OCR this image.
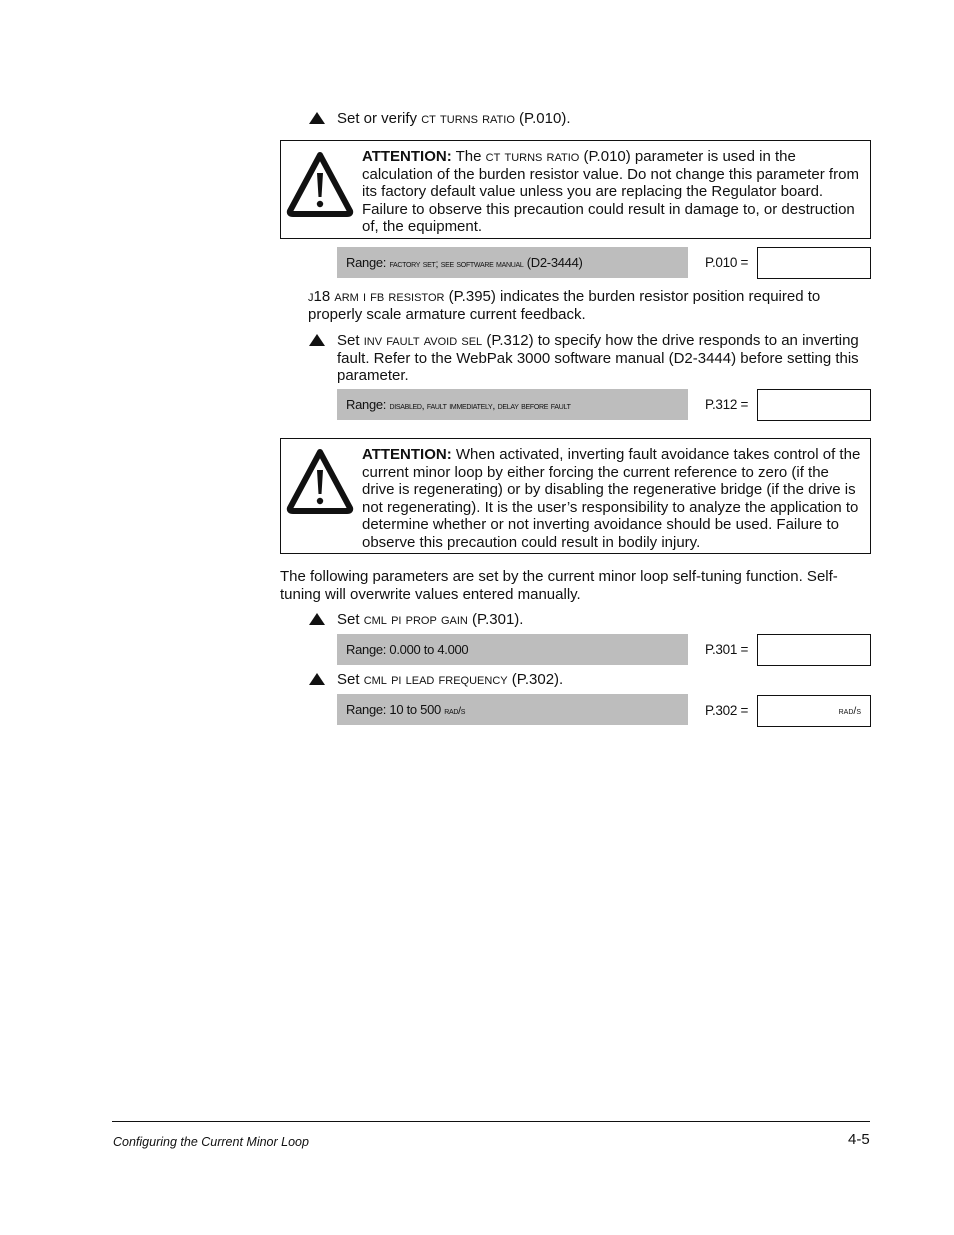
Set or verify ct turns ratio (P.010).
ATTENTION: The ct turns ratio (P.010) parameter is used in the calculation of the burden resistor value. Do not change this parameter from its factory default value unless you are replacing the Regulator board. Failure to observe this precaution could result in damage to, or destruction of, the equipment.
Range: factory set; see software manual (D2-3444)	P.010 =
j18 arm i fb resistor (P.395) indicates the burden resistor position required to properly scale armature current feedback.
Set inv fault avoid sel (P.312) to specify how the drive responds to an inverting fault. Refer to the WebPak 3000 software manual (D2-3444) before setting this parameter.
Range: disabled, fault immediately, delay before fault	P.312 =
ATTENTION: When activated, inverting fault avoidance takes control of the current minor loop by either forcing the current reference to zero (if the drive is regenerating) or by disabling the regenerative bridge (if the drive is not regenerating). It is the user’s responsibility to analyze the application to determine whether or not inverting avoidance should be used. Failure to observe this precaution could result in bodily injury.
The following parameters are set by the current minor loop self-tuning function. Self-tuning will overwrite values entered manually.
Set cml pi prop gain (P.301).
Range: 0.000 to 4.000	P.301 =
Set cml pi lead frequency (P.302).
Range: 10 to 500 rad/s	P.302 =	rad/s
Configuring the Current Minor Loop	4-5
